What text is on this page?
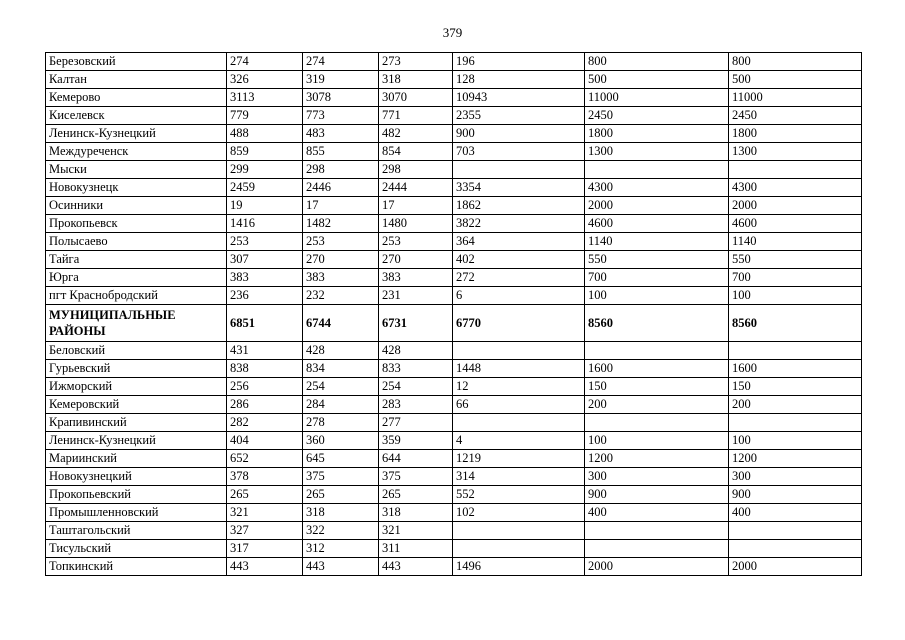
379
Березовский	274	274	273	196	800	800
Калтан	326	319	318	128	500	500
Кемерово	3113	3078	3070	10943	11000	11000
Киселевск	779	773	771	2355	2450	2450
Ленинск-Кузнецкий	488	483	482	900	1800	1800
Междуреченск	859	855	854	703	1300	1300
Мыски	299	298	298			
Новокузнецк	2459	2446	2444	3354	4300	4300
Осинники	19	17	17	1862	2000	2000
Прокопьевск	1416	1482	1480	3822	4600	4600
Полысаево	253	253	253	364	1140	1140
Тайга	307	270	270	402	550	550
Юрга	383	383	383	272	700	700
пгт Краснобродский	236	232	231	6	100	100
МУНИЦИПАЛЬНЫЕ РАЙОНЫ	6851	6744	6731	6770	8560	8560
Беловский	431	428	428			
Гурьевский	838	834	833	1448	1600	1600
Ижморский	256	254	254	12	150	150
Кемеровский	286	284	283	66	200	200
Крапивинский	282	278	277			
Ленинск-Кузнецкий	404	360	359	4	100	100
Мариинский	652	645	644	1219	1200	1200
Новокузнецкий	378	375	375	314	300	300
Прокопьевский	265	265	265	552	900	900
Промышленновский	321	318	318	102	400	400
Таштагольский	327	322	321			
Тисульский	317	312	311			
Топкинский	443	443	443	1496	2000	2000
